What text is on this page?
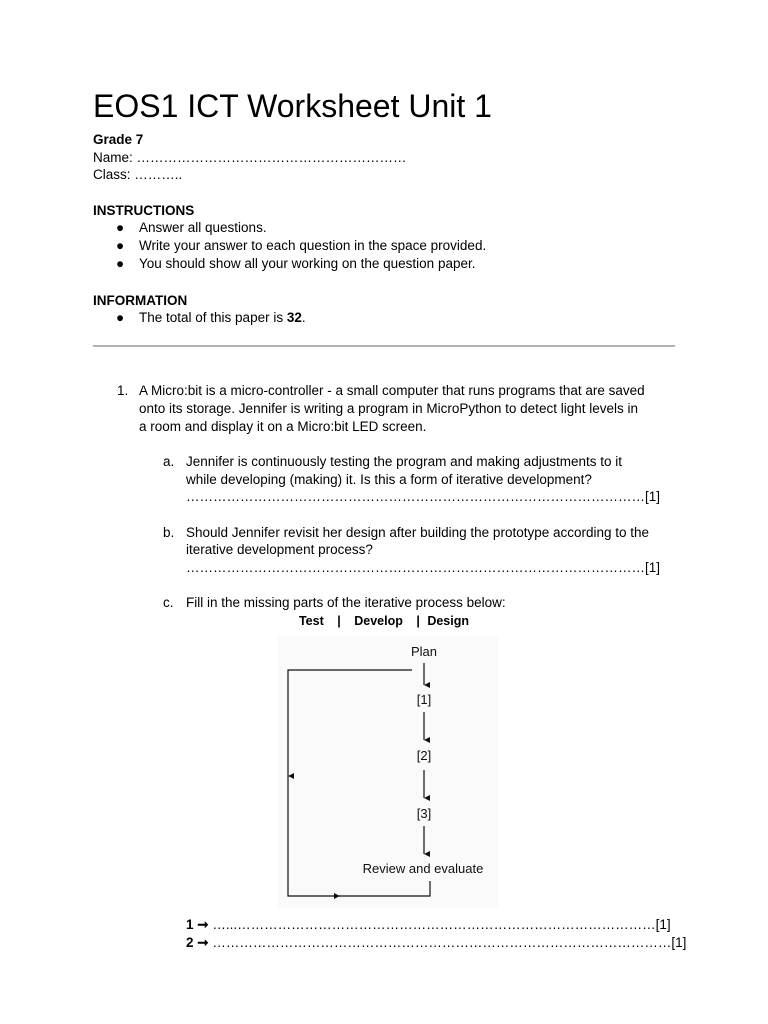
EOS1 ICT Worksheet Unit 1
Grade 7
Name: ……………………………………………………
Class: ………..
INSTRUCTIONS
● Answer all questions.
● Write your answer to each question in the space provided.
● You should show all your working on the question paper.
INFORMATION
● The total of this paper is 32.
1. A Micro:bit is a micro-controller - a small computer that runs programs that are saved
onto its storage. Jennifer is writing a program in MicroPython to detect light levels in
a room and display it on a Micro:bit LED screen.
a. Jennifer is continuously testing the program and making adjustments to it
while developing (making) it. Is this a form of iterative development?
…………………………………………………………………………………………[1]
b. Should Jennifer revisit her design after building the prototype according to the
iterative development process?
…………………………………………………………………………………………[1]
c. Fill in the missing parts of the iterative process below:
Test | Develop | Design
Plan
[1]
[2]
[3]
Review and evaluate
1 ➞ …...…………………………………………………………………………………[1]
2 ➞ …………………………………………………………………………………………[1]
